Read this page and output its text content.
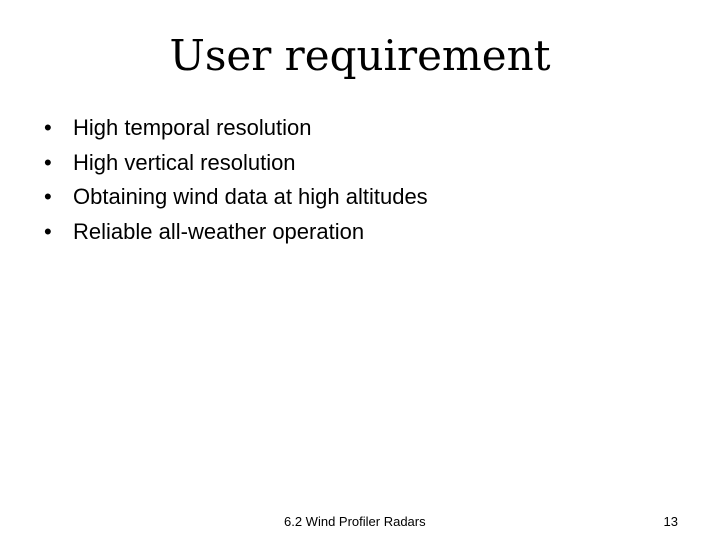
User requirement
• High temporal resolution
• High vertical resolution
• Obtaining wind data at high altitudes
• Reliable all-weather operation
6.2 Wind Profiler Radars	13
